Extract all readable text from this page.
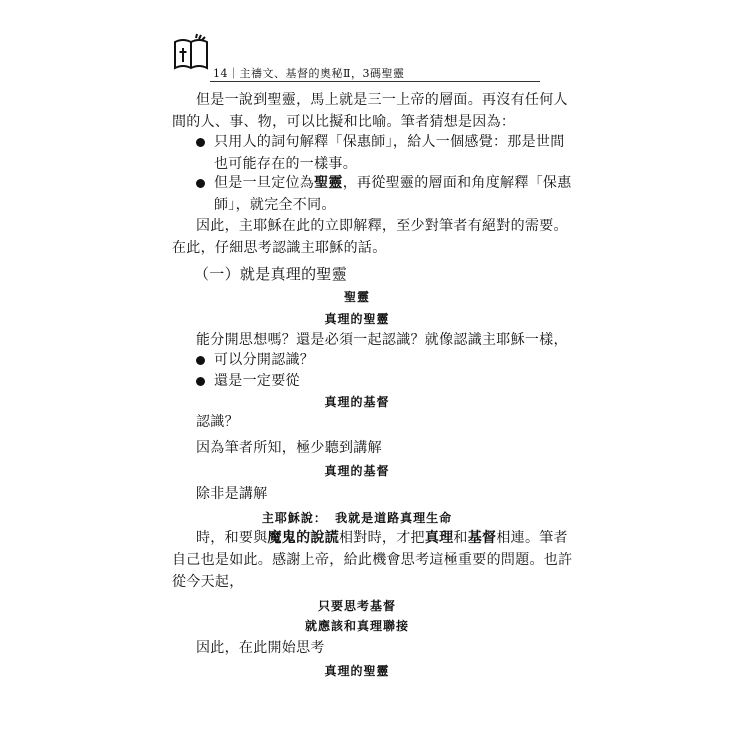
14｜主禱文、基督的奧秘Ⅱ，3碼聖靈
但是一說到聖靈，馬上就是三一上帝的層面。再沒有任何人
間的人、事、物，可以比擬和比喻。筆者猜想是因為：
只用人的詞句解釋「保惠師」，給人一個感覺：那是世間
也可能存在的一樣事。
但是一旦定位為聖靈，再從聖靈的層面和角度解釋「保惠
師」，就完全不同。
因此，主耶穌在此的立即解釋，至少對筆者有絕對的需要。
在此，仔細思考認識主耶穌的話。
（一）就是真理的聖靈
聖靈
真理的聖靈
能分開思想嗎？還是必須一起認識？就像認識主耶穌一樣，
可以分開認識？
還是一定要從
真理的基督
認識？
因為筆者所知，極少聽到講解
真理的基督
除非是講解
主耶穌說： 我就是道路真理生命
時，和要與魔鬼的說謊相對時，才把真理和基督相連。筆者
自己也是如此。感謝上帝，給此機會思考這極重要的問題。也許
從今天起，
只要思考基督
就應該和真理聯接
因此，在此開始思考
真理的聖靈
